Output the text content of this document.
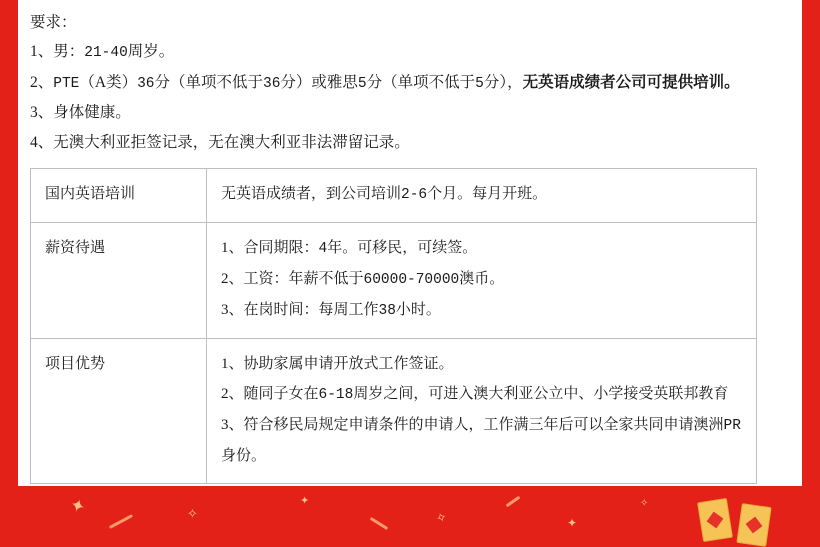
要求：
1、男：21-40周岁。
2、PTE（A类）36分（单项不低于36分）或雅思5分（单项不低于5分），无英语成绩者公司可提供培训。
3、身体健康。
4、无澳大利亚拒签记录，无在澳大利亚非法滞留记录。
国内英语培训	无英语成绩者，到公司培训2-6个月。每月开班。

薪资待遇	1、合同期限：4年。可移民，可续签。
2、工资：年薪不低于60000-70000澳币。
3、在岗时间：每周工作38小时。

项目优势	1、协助家属申请开放式工作签证。
2、随同子女在6-18周岁之间，可进入澳大利亚公立中、小学接受英联邦教育
3、符合移民局规定申请条件的申请人，工作满三年后可以全家共同申请澳洲PR身份。
✦	✧
✦
✧	✦
✧
